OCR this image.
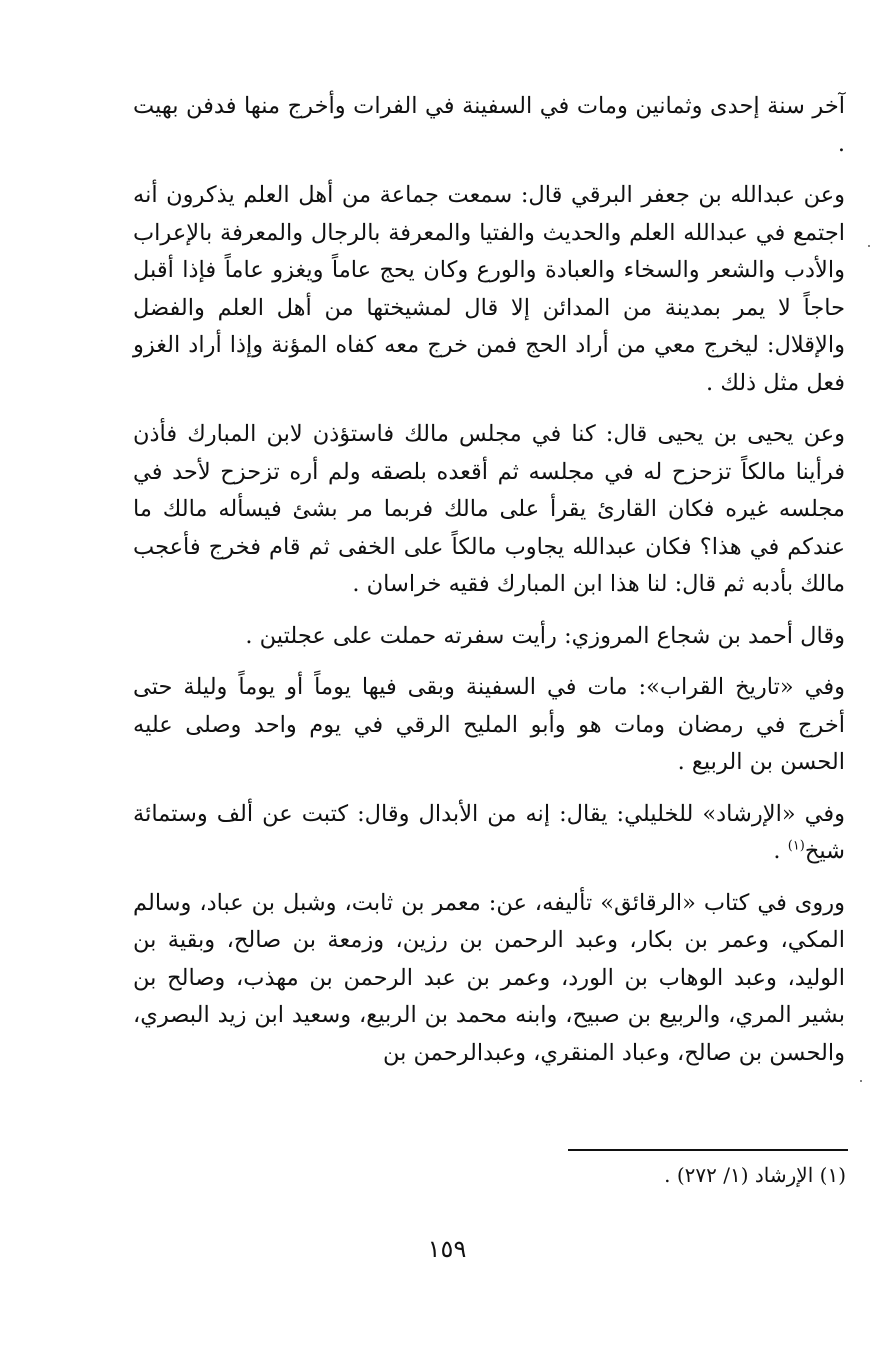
آخر سنة إحدى وثمانين ومات في السفينة في الفرات وأخرج منها فدفن بهيت .

وعن عبدالله بن جعفر البرقي قال: سمعت جماعة من أهل العلم يذكرون أنه اجتمع في عبدالله العلم والحديث والفتيا والمعرفة بالرجال والمعرفة بالإعراب والأدب والشعر والسخاء والعبادة والورع وكان يحج عاماً ويغزو عاماً فإذا أقبل حاجاً لا يمر بمدينة من المدائن إلا قال لمشيختها من أهل العلم والفضل والإقلال: ليخرج معي من أراد الحج فمن خرج معه كفاه المؤنة وإذا أراد الغزو فعل مثل ذلك .

وعن يحيى بن يحيى قال: كنا في مجلس مالك فاستؤذن لابن المبارك فأذن فرأينا مالكاً تزحزح له في مجلسه ثم أقعده بلصقه ولم أره تزحزح لأحد في مجلسه غيره فكان القارئ يقرأ على مالك فربما مر بشئ فيسأله مالك ما عندكم في هذا؟ فكان عبدالله يجاوب مالكاً على الخفى ثم قام فخرج فأعجب مالك بأدبه ثم قال: لنا هذا ابن المبارك فقيه خراسان .

وقال أحمد بن شجاع المروزي: رأيت سفرته حملت على عجلتين .

وفي «تاريخ القراب»: مات في السفينة وبقى فيها يوماً أو يوماً وليلة حتى أخرج في رمضان ومات هو وأبو المليح الرقي في يوم واحد وصلى عليه الحسن بن الربيع .

وفي «الإرشاد» للخليلي: يقال: إنه من الأبدال وقال: كتبت عن ألف وستمائة شيخ$^{(١)}$ .

وروى في كتاب «الرقائق» تأليفه، عن: معمر بن ثابت، وشبل بن عباد، وسالم المكي، وعمر بن بكار، وعبد الرحمن بن رزين، وزمعة بن صالح، وبقية بن الوليد، وعبد الوهاب بن الورد، وعمر بن عبد الرحمن بن مهذب، وصالح بن بشير المري، والربيع بن صبيح، وابنه محمد بن الربيع، وسعيد ابن زيد البصري، والحسن بن صالح، وعباد المنقري، وعبدالرحمن بن

(١) الإرشاد (١/ ٢٧٢) .
١٥٩
